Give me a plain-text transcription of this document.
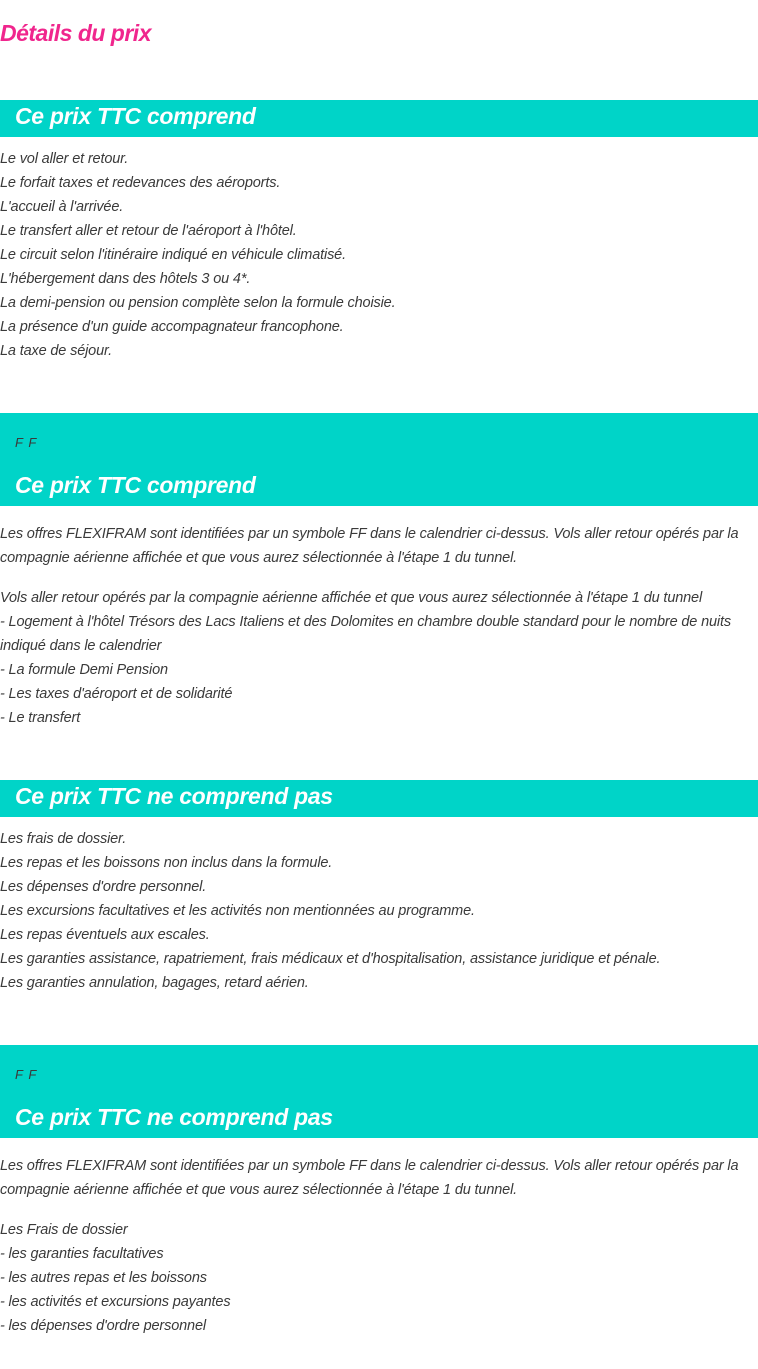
Détails du prix
Ce prix TTC comprend
Le vol aller et retour.
Le forfait taxes et redevances des aéroports.
L'accueil à l'arrivée.
Le transfert aller et retour de l'aéroport à l'hôtel.
Le circuit selon l'itinéraire indiqué en véhicule climatisé.
L'hébergement dans des hôtels 3 ou 4*.
La demi-pension ou pension complète selon la formule choisie.
La présence d'un guide accompagnateur francophone.
La taxe de séjour.
F F
Ce prix TTC comprend

Les offres FLEXIFRAM sont identifiées par un symbole FF dans le calendrier ci-dessus. Vols aller retour opérés par la compagnie aérienne affichée et que vous aurez sélectionnée à l'étape 1 du tunnel.

Vols aller retour opérés par la compagnie aérienne affichée et que vous aurez sélectionnée à l'étape 1 du tunnel
- Logement à l'hôtel Trésors des Lacs Italiens et des Dolomites en chambre double standard pour le nombre de nuits indiqué dans le calendrier
- La formule Demi Pension
- Les taxes d'aéroport et de solidarité
- Le transfert
Ce prix TTC ne comprend pas
Les frais de dossier.
Les repas et les boissons non inclus dans la formule.
Les dépenses d'ordre personnel.
Les excursions facultatives et les activités non mentionnées au programme.
Les repas éventuels aux escales.
Les garanties assistance, rapatriement, frais médicaux et d'hospitalisation, assistance juridique et pénale.
Les garanties annulation, bagages, retard aérien.
F F
Ce prix TTC ne comprend pas

Les offres FLEXIFRAM sont identifiées par un symbole FF dans le calendrier ci-dessus. Vols aller retour opérés par la compagnie aérienne affichée et que vous aurez sélectionnée à l'étape 1 du tunnel.

Les Frais de dossier
- les garanties facultatives
- les autres repas et les boissons
- les activités et excursions payantes
- les dépenses d'ordre personnel
